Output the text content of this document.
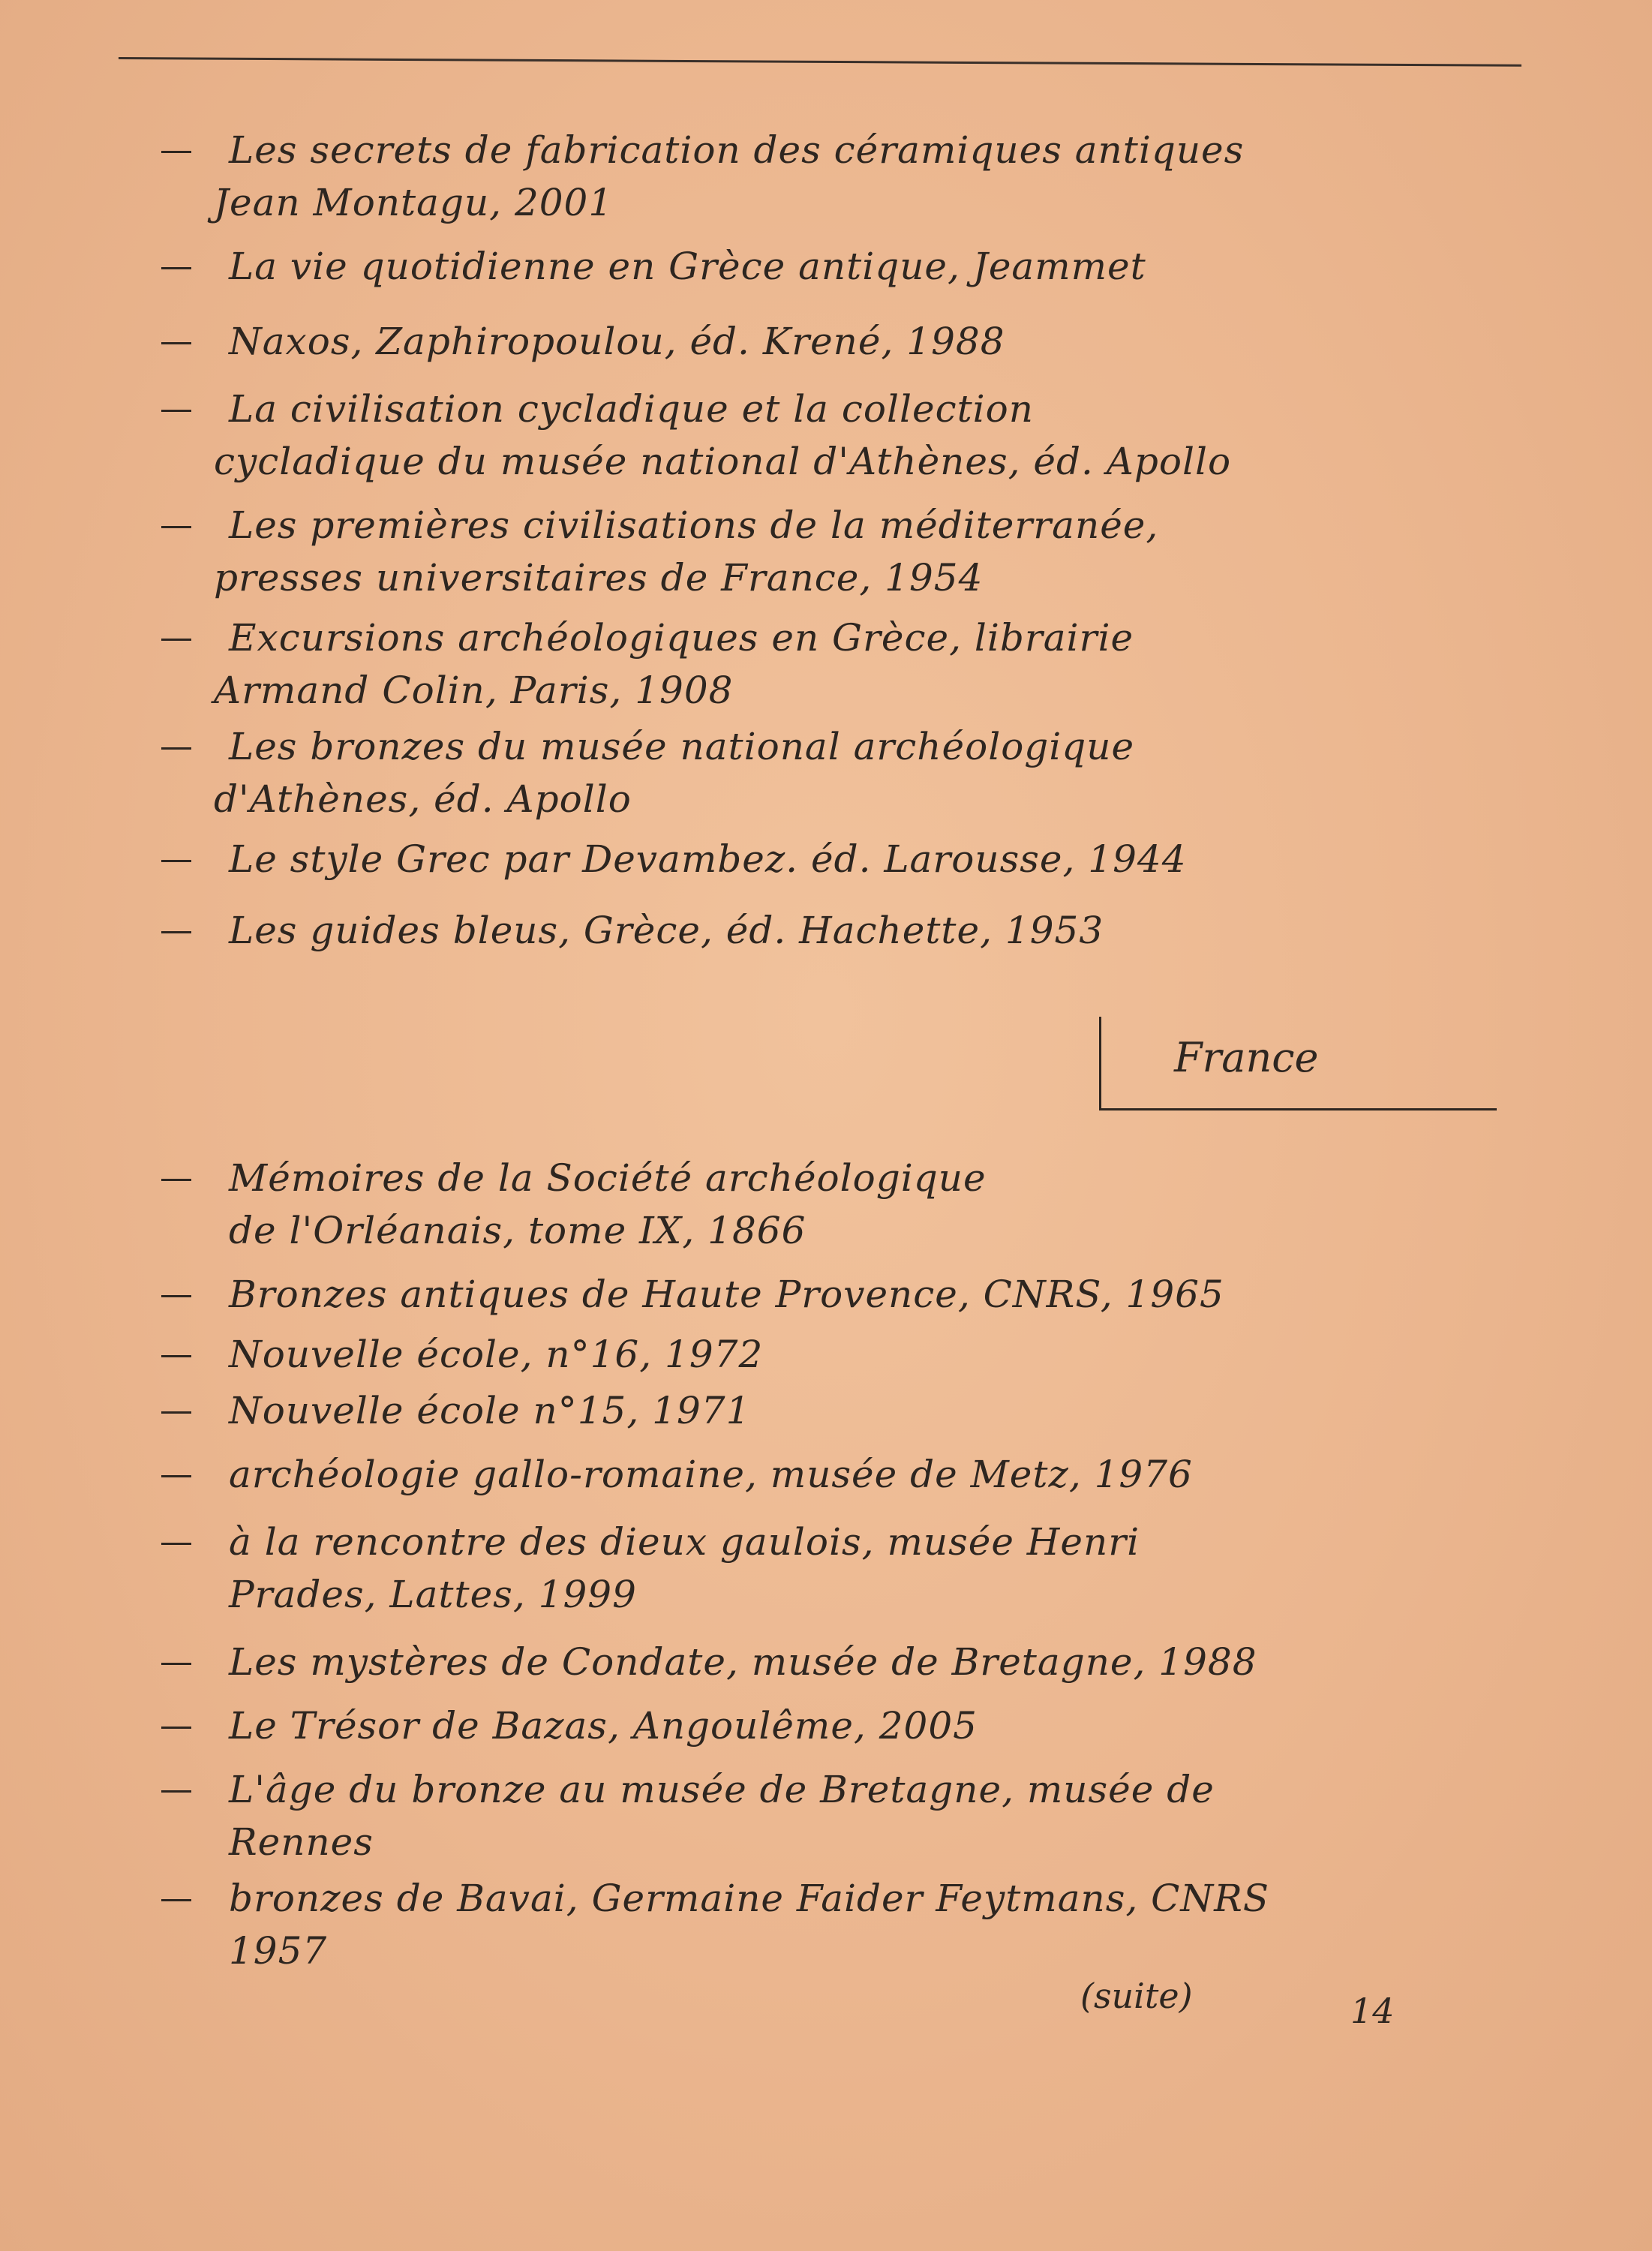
Les secrets de fabrication des céramiques antiques
Jean Montagu, 2001
La vie quotidienne en Grèce antique, Jeammet
Naxos, Zaphiropoulou, éd. Krené, 1988
La civilisation cycladique et la collection
cycladique du musée national d'Athènes, éd. Apollo
Les premières civilisations de la méditerranée,
presses universitaires de France, 1954
Excursions archéologiques en Grèce, librairie
Armand Colin, Paris, 1908
Les bronzes du musée national archéologique
d'Athènes, éd. Apollo
Le style Grec par Devambez. éd. Larousse, 1944
Les guides bleus, Grèce, éd. Hachette, 1953
France
Mémoires de la Société archéologique
de l'Orléanais, tome IX, 1866
Bronzes antiques de Haute Provence, CNRS, 1965
Nouvelle école, n°16, 1972
Nouvelle école n°15, 1971
archéologie gallo-romaine, musée de Metz, 1976
à la rencontre des dieux gaulois, musée Henri
Prades, Lattes, 1999
Les mystères de Condate, musée de Bretagne, 1988
Le Trésor de Bazas, Angoulême, 2005
L'âge du bronze au musée de Bretagne, musée de
Rennes
bronzes de Bavai, Germaine Faider Feytmans, CNRS
1957
(suite)	14
